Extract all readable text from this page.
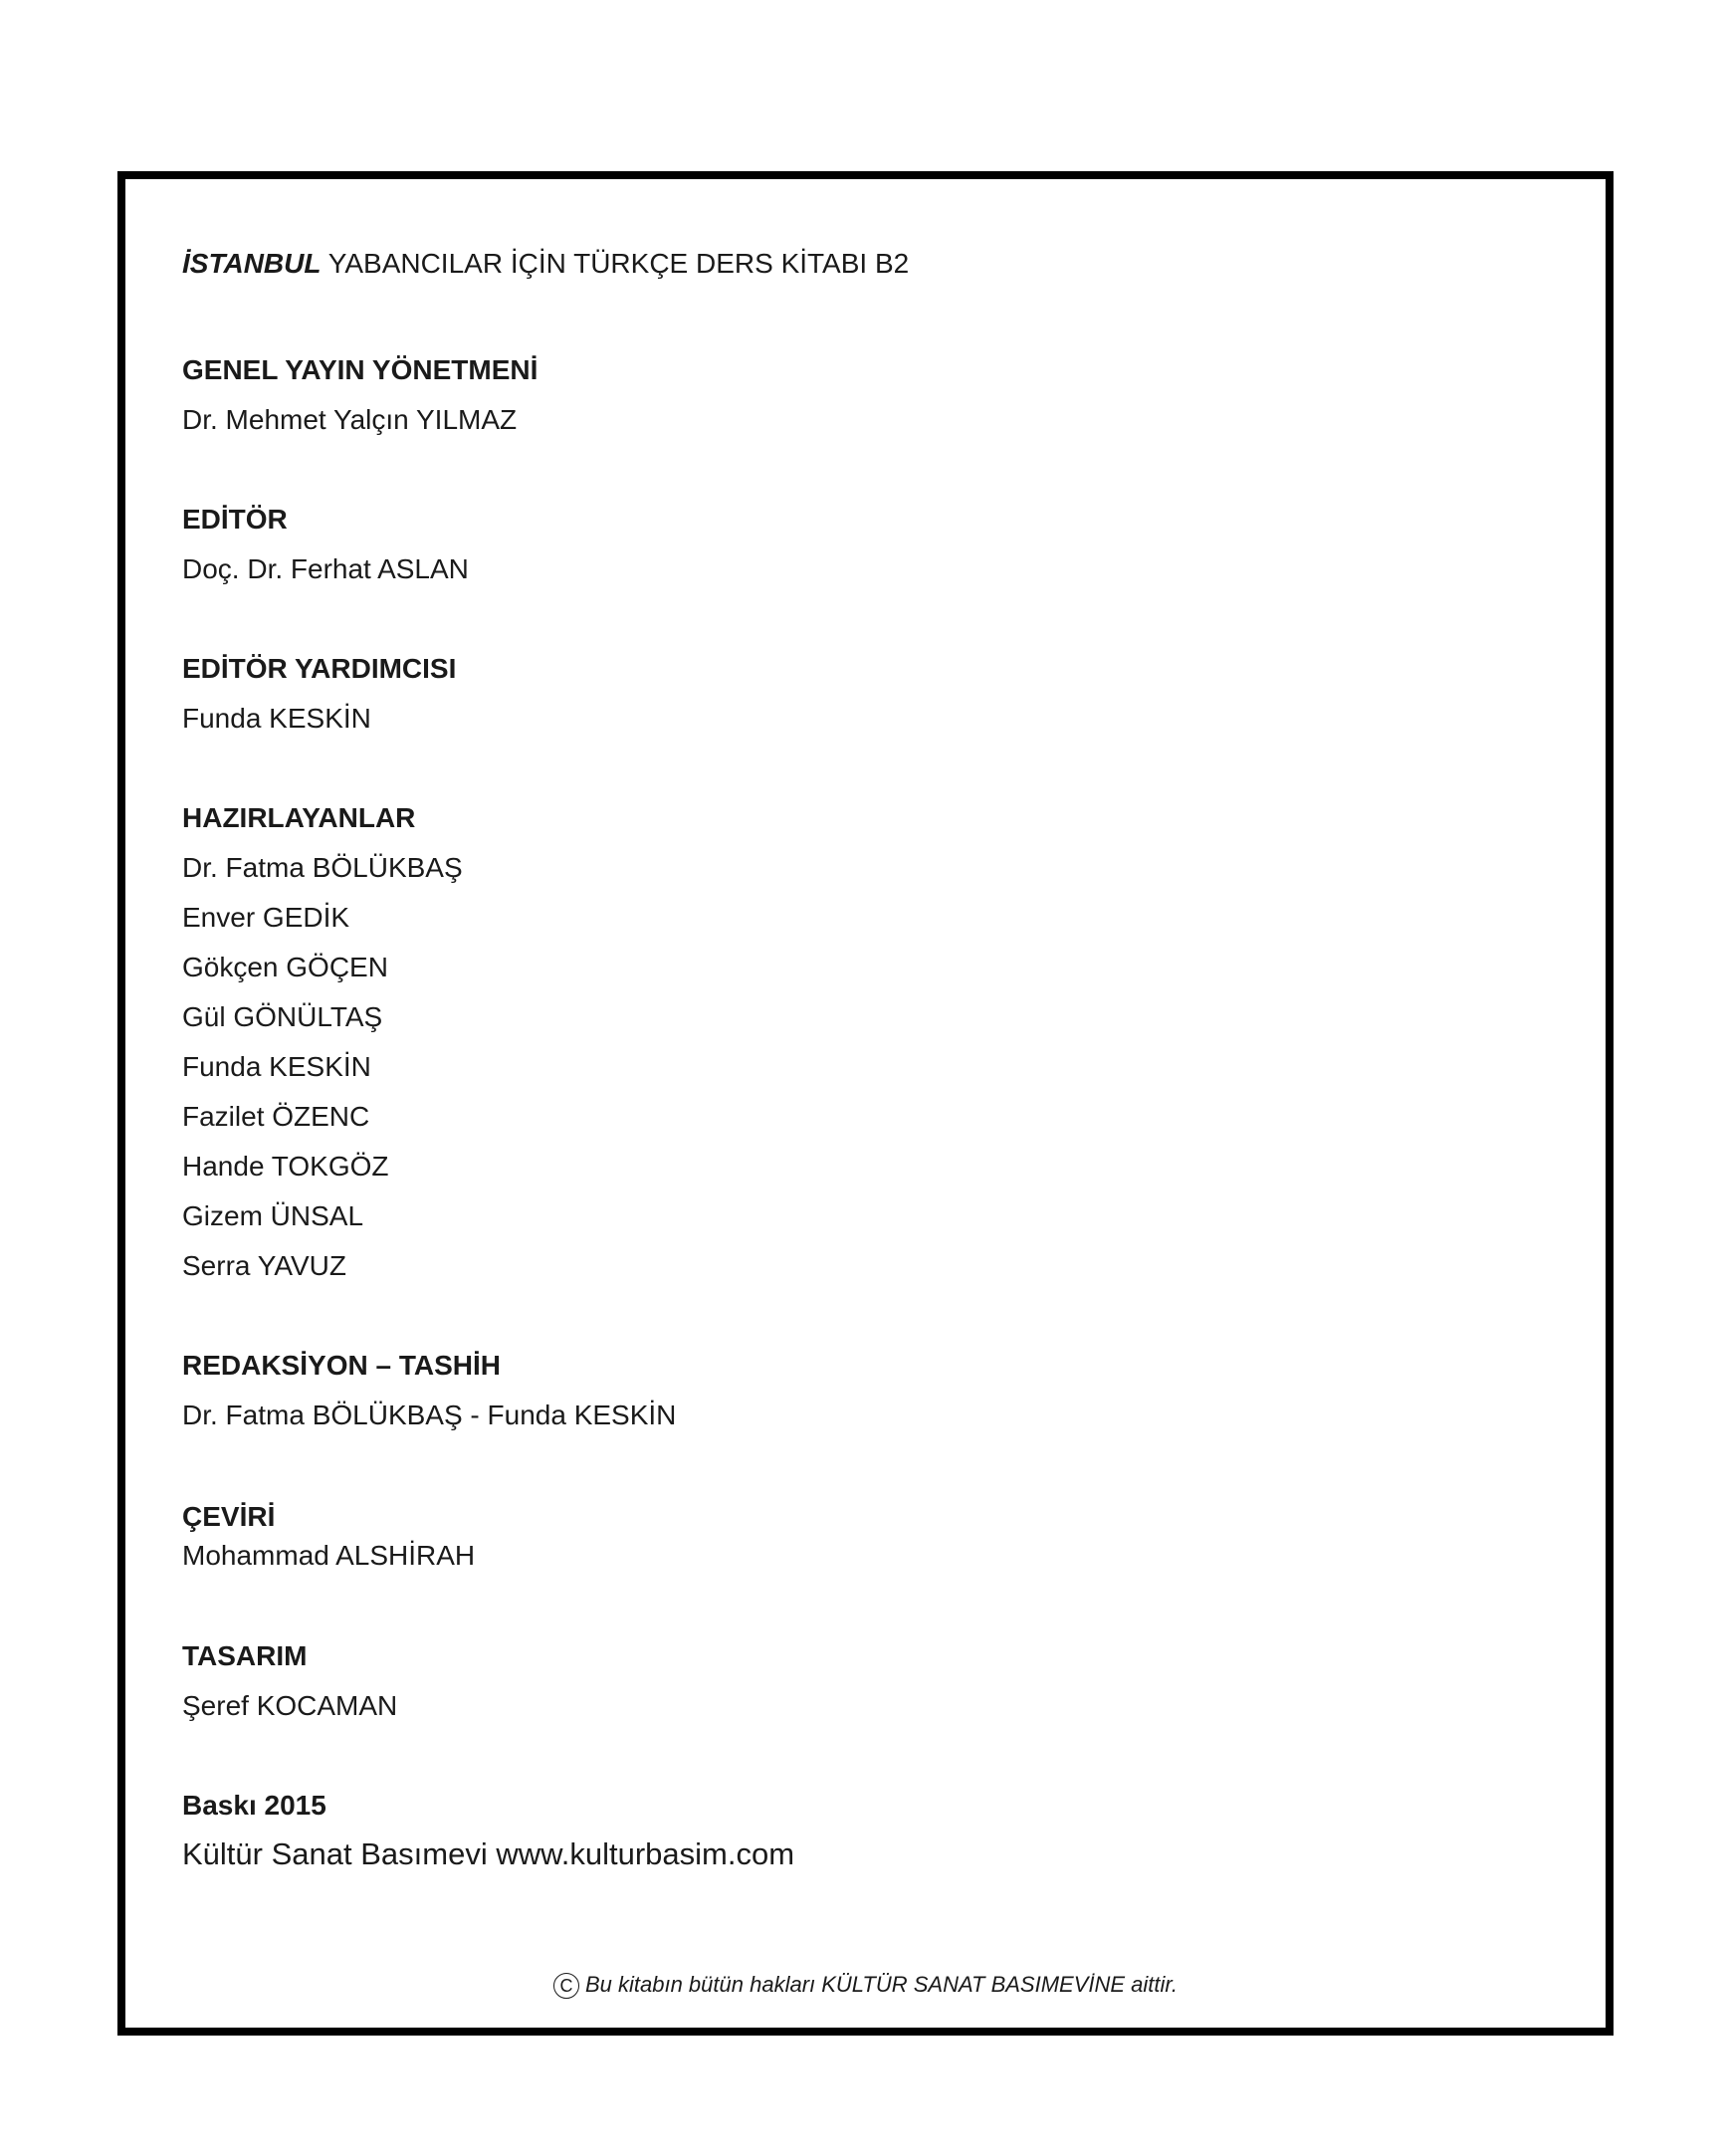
İSTANBUL YABANCILAR İÇİN TÜRKÇE DERS KİTABI B2
GENEL YAYIN YÖNETMENİ
Dr. Mehmet Yalçın YILMAZ
EDİTÖR
Doç. Dr. Ferhat ASLAN
EDİTÖR YARDIMCISI
Funda KESKİN
HAZIRLAYANLAR
Dr. Fatma BÖLÜKBAŞ
Enver GEDİK
Gökçen GÖÇEN
Gül GÖNÜLTAŞ
Funda KESKİN
Fazilet ÖZENC
Hande TOKGÖZ
Gizem ÜNSAL
Serra YAVUZ
REDAKSİYON – TASHİH
Dr. Fatma BÖLÜKBAŞ - Funda KESKİN
ÇEVİRİ
Mohammad ALSHİRAH
TASARIM
Şeref KOCAMAN
Baskı 2015
Kültür Sanat Basımevi www.kulturbasim.com
C Bu kitabın bütün hakları KÜLTÜR SANAT BASIMEVİNE aittir.
